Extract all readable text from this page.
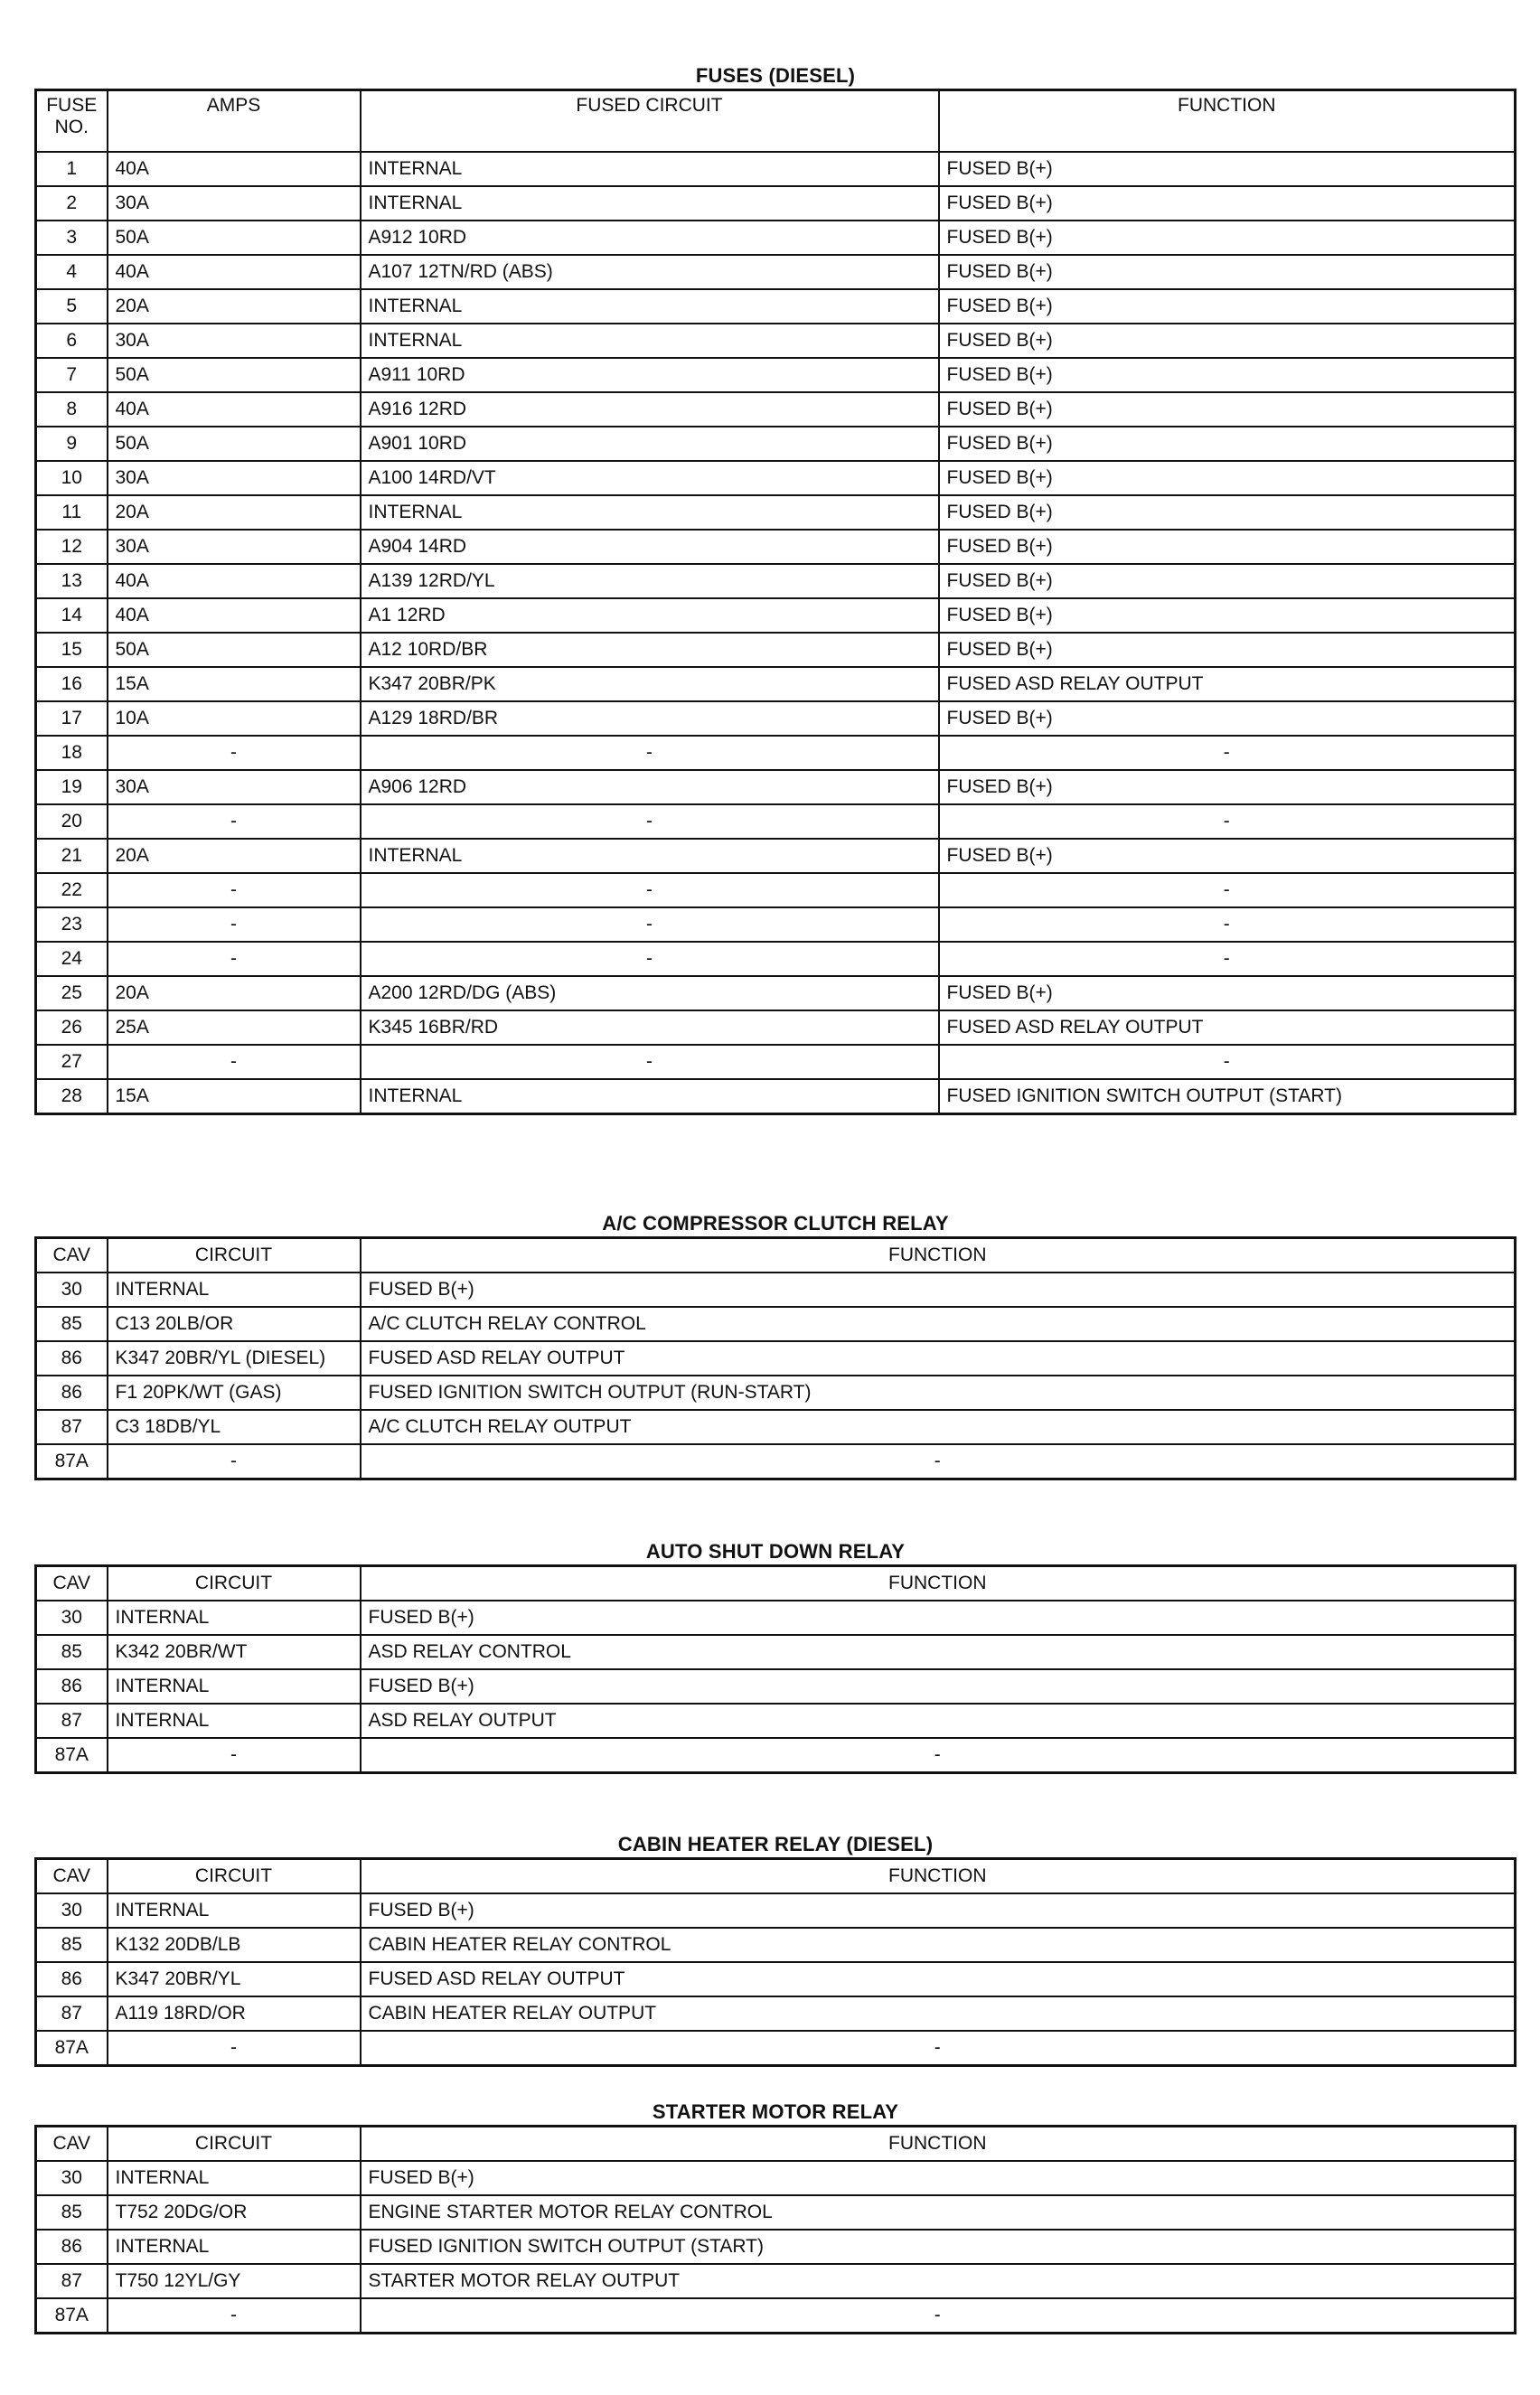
FUSES (DIESEL)
FUSE NO.	AMPS	FUSED CIRCUIT	FUNCTION
1	40A	INTERNAL	FUSED B(+)
2	30A	INTERNAL	FUSED B(+)
3	50A	A912 10RD	FUSED B(+)
4	40A	A107 12TN/RD (ABS)	FUSED B(+)
5	20A	INTERNAL	FUSED B(+)
6	30A	INTERNAL	FUSED B(+)
7	50A	A911 10RD	FUSED B(+)
8	40A	A916 12RD	FUSED B(+)
9	50A	A901 10RD	FUSED B(+)
10	30A	A100 14RD/VT	FUSED B(+)
11	20A	INTERNAL	FUSED B(+)
12	30A	A904 14RD	FUSED B(+)
13	40A	A139 12RD/YL	FUSED B(+)
14	40A	A1 12RD	FUSED B(+)
15	50A	A12 10RD/BR	FUSED B(+)
16	15A	K347 20BR/PK	FUSED ASD RELAY OUTPUT
17	10A	A129 18RD/BR	FUSED B(+)
18	-	-	-
19	30A	A906 12RD	FUSED B(+)
20	-	-	-
21	20A	INTERNAL	FUSED B(+)
22	-	-	-
23	-	-	-
24	-	-	-
25	20A	A200 12RD/DG (ABS)	FUSED B(+)
26	25A	K345 16BR/RD	FUSED ASD RELAY OUTPUT
27	-	-	-
28	15A	INTERNAL	FUSED IGNITION SWITCH OUTPUT (START)
A/C COMPRESSOR CLUTCH RELAY
CAV	CIRCUIT	FUNCTION
30	INTERNAL	FUSED B(+)
85	C13 20LB/OR	A/C CLUTCH RELAY CONTROL
86	K347 20BR/YL (DIESEL)	FUSED ASD RELAY OUTPUT
86	F1 20PK/WT (GAS)	FUSED IGNITION SWITCH OUTPUT (RUN-START)
87	C3 18DB/YL	A/C CLUTCH RELAY OUTPUT
87A	-	-
AUTO SHUT DOWN RELAY
CAV	CIRCUIT	FUNCTION
30	INTERNAL	FUSED B(+)
85	K342 20BR/WT	ASD RELAY CONTROL
86	INTERNAL	FUSED B(+)
87	INTERNAL	ASD RELAY OUTPUT
87A	-	-
CABIN HEATER RELAY (DIESEL)
CAV	CIRCUIT	FUNCTION
30	INTERNAL	FUSED B(+)
85	K132 20DB/LB	CABIN HEATER RELAY CONTROL
86	K347 20BR/YL	FUSED ASD RELAY OUTPUT
87	A119 18RD/OR	CABIN HEATER RELAY OUTPUT
87A	-	-
STARTER MOTOR RELAY
CAV	CIRCUIT	FUNCTION
30	INTERNAL	FUSED B(+)
85	T752 20DG/OR	ENGINE STARTER MOTOR RELAY CONTROL
86	INTERNAL	FUSED IGNITION SWITCH OUTPUT (START)
87	T750 12YL/GY	STARTER MOTOR RELAY OUTPUT
87A	-	-
